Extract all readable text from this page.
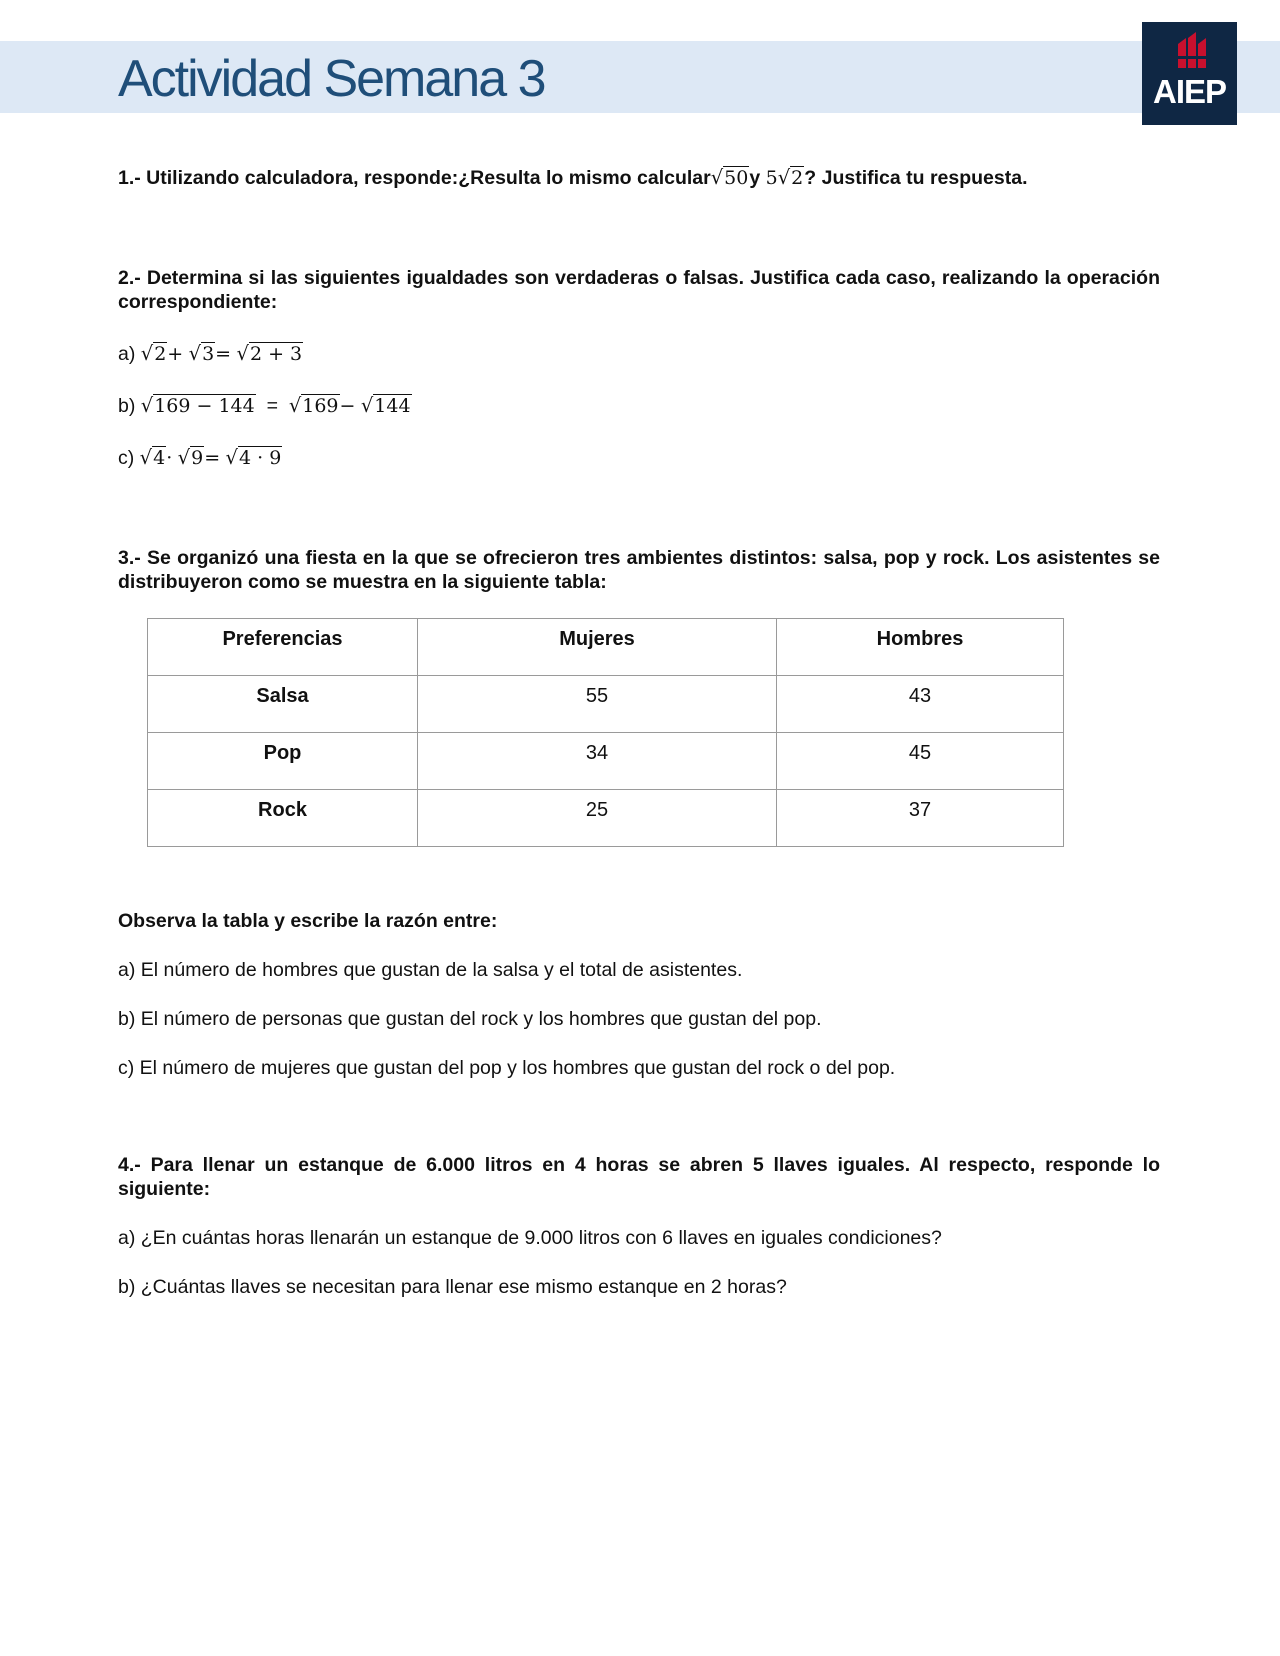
Actividad Semana 3	AIEP

1.- Utilizando calculadora, responde:¿Resulta lo mismo calcular√50y 5√2? Justifica tu respuesta.

2.- Determina si las siguientes igualdades son verdaderas o falsas. Justifica cada caso, realizando la operación correspondiente:

a) √2+ √3= √2 + 3
b) √169 − 144 = √169− √144
c) √4· √9= √4 · 9

3.- Se organizó una fiesta en la que se ofrecieron tres ambientes distintos: salsa, pop y rock. Los asistentes se distribuyeron como se muestra en la siguiente tabla:

Preferencias	Mujeres	Hombres
Salsa	55	43
Pop	34	45
Rock	25	37

Observa la tabla y escribe la razón entre:

a) El número de hombres que gustan de la salsa y el total de asistentes.

b) El número de personas que gustan del rock y los hombres que gustan del pop.

c) El número de mujeres que gustan del pop y los hombres que gustan del rock o del pop.

4.- Para llenar un estanque de 6.000 litros en 4 horas se abren 5 llaves iguales. Al respecto, responde lo siguiente:

a) ¿En cuántas horas llenarán un estanque de 9.000 litros con 6 llaves en iguales condiciones?

b) ¿Cuántas llaves se necesitan para llenar ese mismo estanque en 2 horas?
